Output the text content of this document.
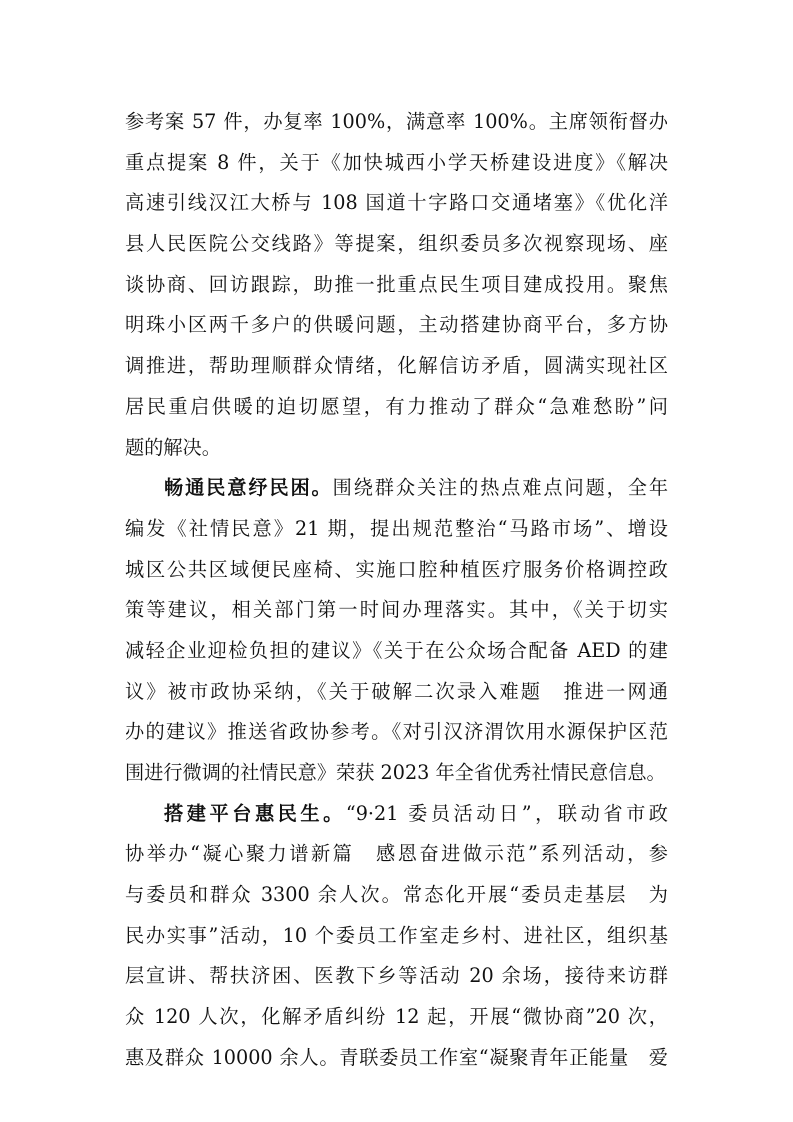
参考案 57 件，办复率 100%，满意率 100%。主席领衔督办
重点提案 8 件，关于《加快城西小学天桥建设进度》《解决
高速引线汉江大桥与 108 国道十字路口交通堵塞》《优化洋
县人民医院公交线路》等提案，组织委员多次视察现场、座
谈协商、回访跟踪，助推一批重点民生项目建成投用。聚焦
明珠小区两千多户的供暖问题，主动搭建协商平台，多方协
调推进，帮助理顺群众情绪，化解信访矛盾，圆满实现社区
居民重启供暖的迫切愿望，有力推动了群众“急难愁盼”问
题的解决。
畅通民意纾民困。围绕群众关注的热点难点问题，全年
编发《社情民意》21 期，提出规范整治“马路市场”、增设
城区公共区域便民座椅、实施口腔种植医疗服务价格调控政
策等建议，相关部门第一时间办理落实。其中，《关于切实
减轻企业迎检负担的建议》《关于在公众场合配备 AED 的建
议》被市政协采纳，《关于破解二次录入难题　推进一网通
办的建议》推送省政协参考。《对引汉济渭饮用水源保护区范
围进行微调的社情民意》荣获 2023 年全省优秀社情民意信息。
搭建平台惠民生。“9·21 委员活动日”，联动省市政
协举办“凝心聚力谱新篇　感恩奋进做示范”系列活动，参
与委员和群众 3300 余人次。常态化开展“委员走基层　为
民办实事”活动，10 个委员工作室走乡村、进社区，组织基
层宣讲、帮扶济困、医教下乡等活动 20 余场，接待来访群
众 120 人次，化解矛盾纠纷 12 起，开展“微协商”20 次，
惠及群众 10000 余人。青联委员工作室“凝聚青年正能量　爱
